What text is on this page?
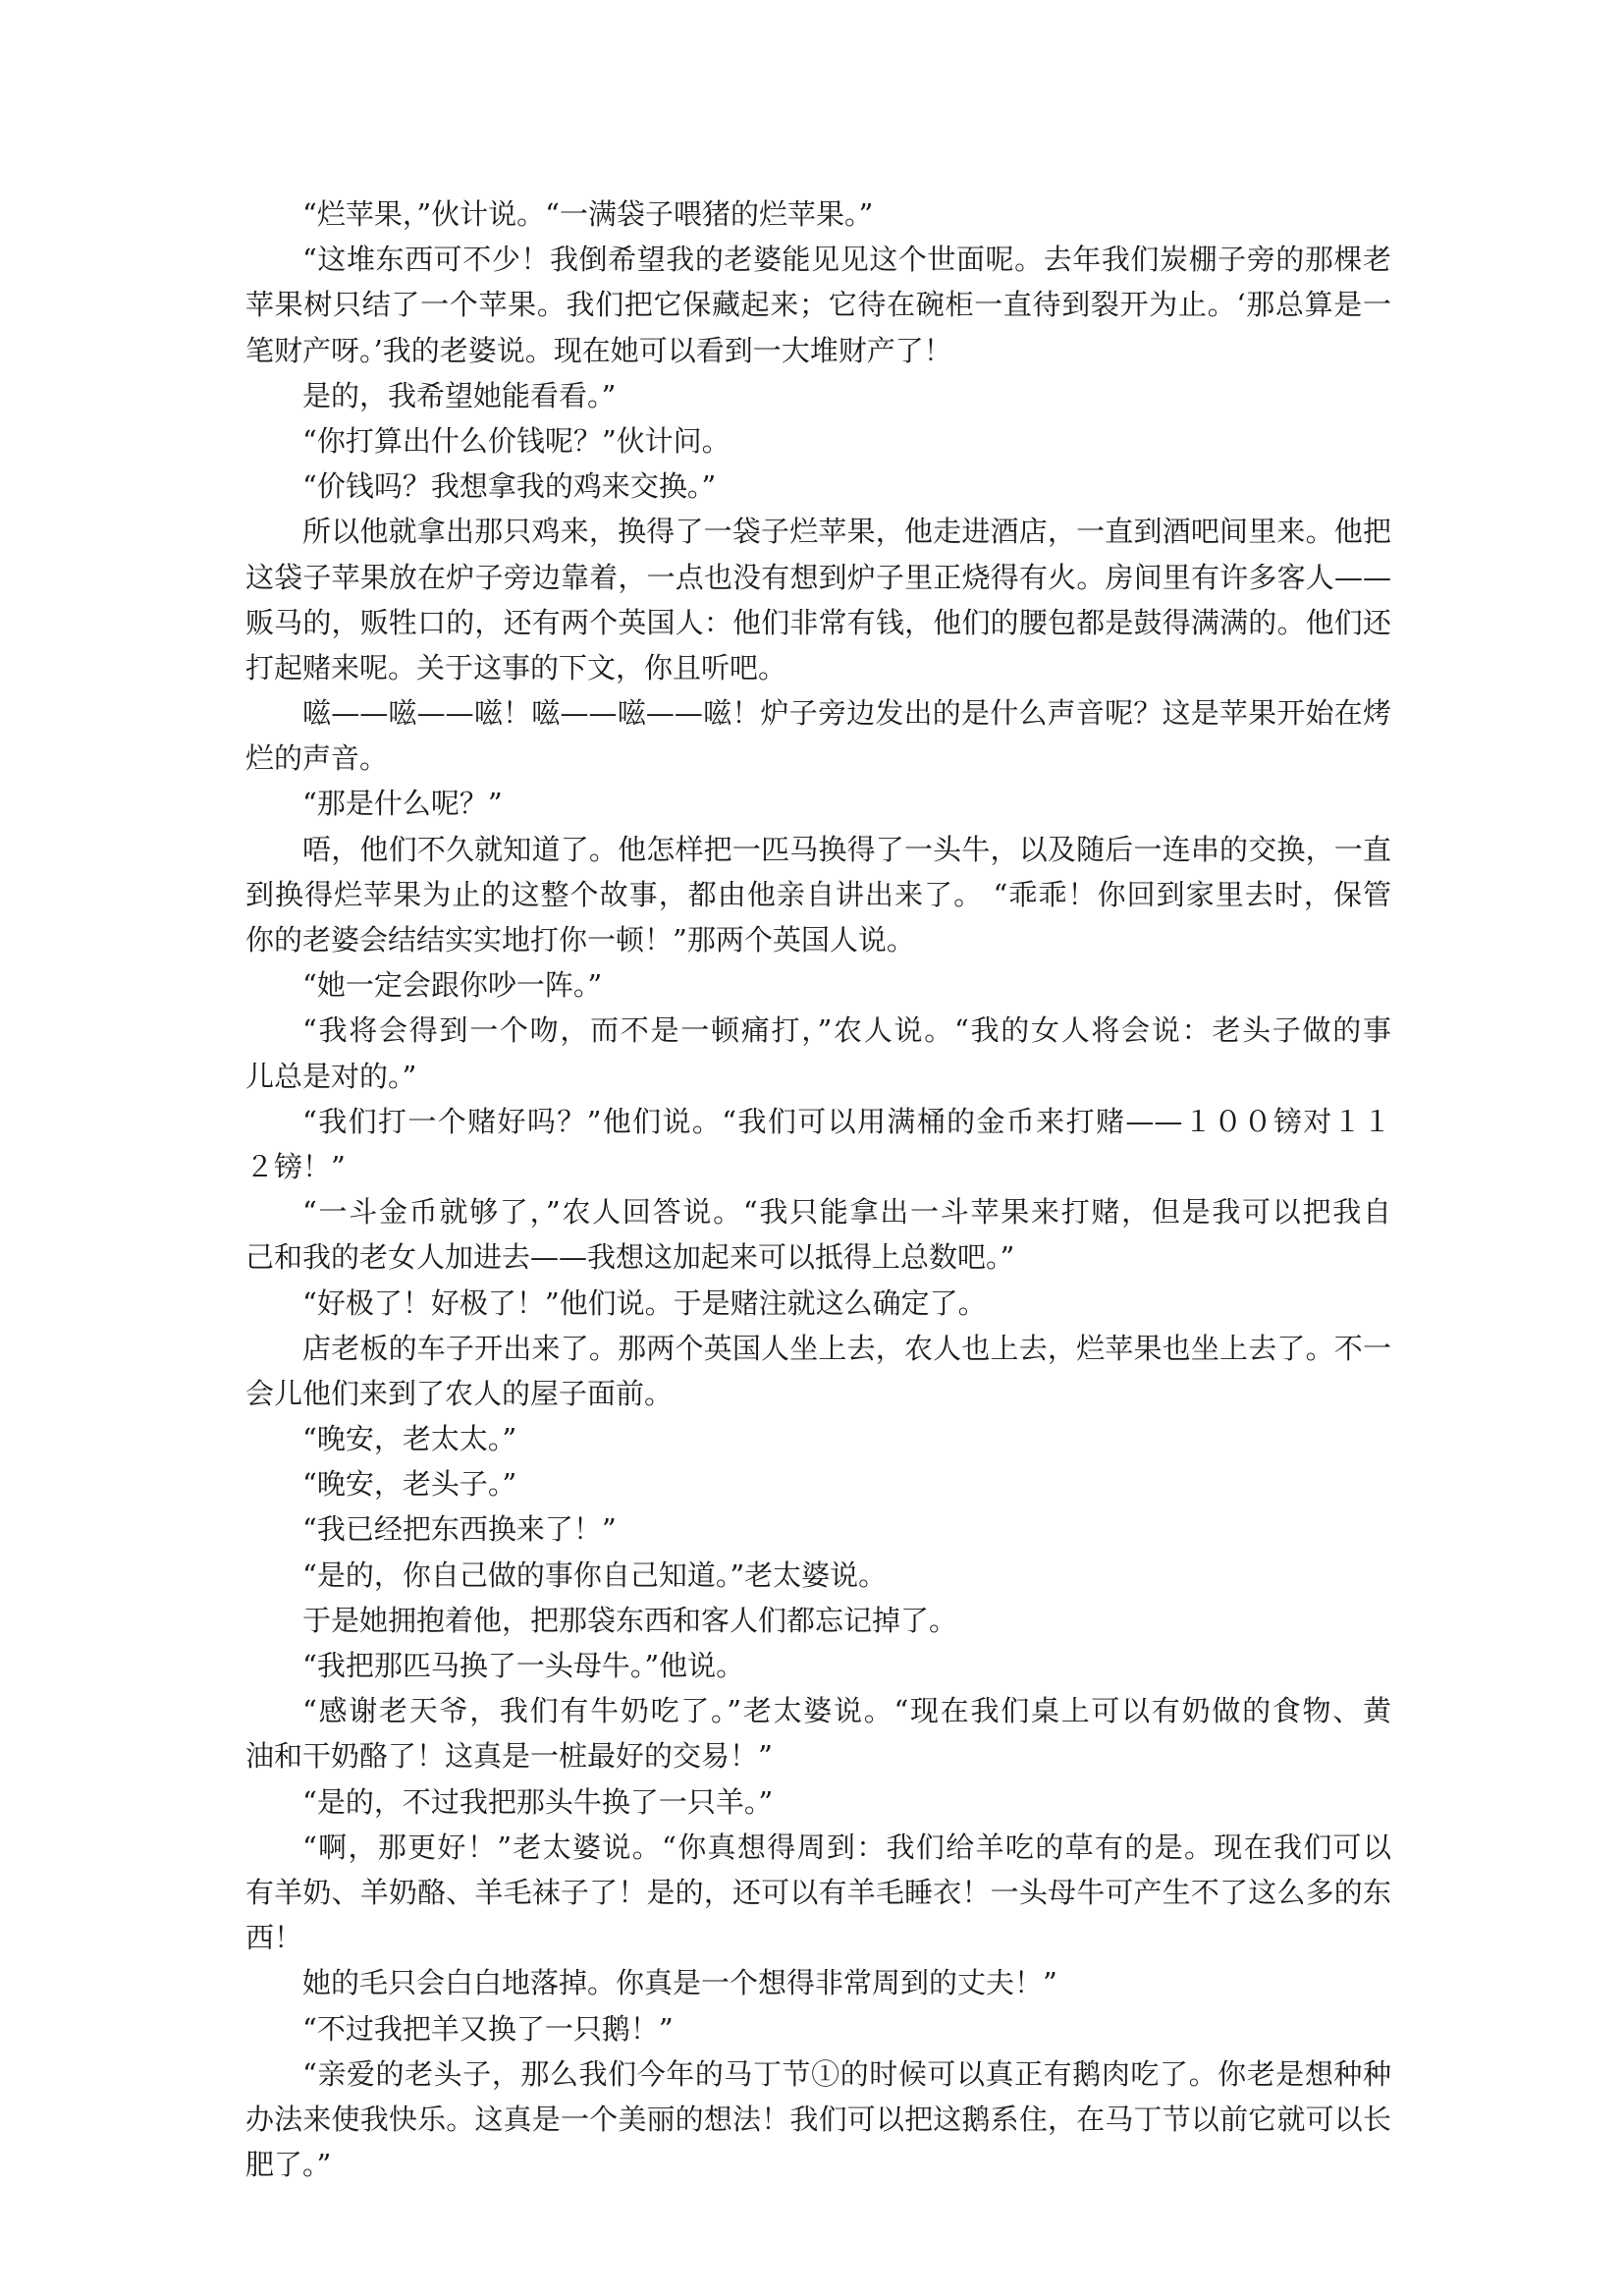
“烂苹果，”伙计说。“一满袋子喂猪的烂苹果。”
“这堆东西可不少！我倒希望我的老婆能见见这个世面呢。去年我们炭棚子旁的那棵老
苹果树只结了一个苹果。我们把它保藏起来；它待在碗柜一直待到裂开为止。‘那总算是一
笔财产呀。’我的老婆说。现在她可以看到一大堆财产了！
是的，我希望她能看看。”
“你打算出什么价钱呢？”伙计问。
“价钱吗？我想拿我的鸡来交换。”
所以他就拿出那只鸡来，换得了一袋子烂苹果，他走进酒店，一直到酒吧间里来。他把
这袋子苹果放在炉子旁边靠着，一点也没有想到炉子里正烧得有火。房间里有许多客人——
贩马的，贩牲口的，还有两个英国人：他们非常有钱，他们的腰包都是鼓得满满的。他们还
打起赌来呢。关于这事的下文，你且听吧。
嗞——嗞——嗞！嗞——嗞——嗞！炉子旁边发出的是什么声音呢？这是苹果开始在烤
烂的声音。
“那是什么呢？”
唔，他们不久就知道了。他怎样把一匹马换得了一头牛，以及随后一连串的交换，一直
到换得烂苹果为止的这整个故事，都由他亲自讲出来了。 “乖乖！你回到家里去时，保管
你的老婆会结结实实地打你一顿！”那两个英国人说。
“她一定会跟你吵一阵。”
“我将会得到一个吻，而不是一顿痛打，”农人说。“我的女人将会说：老头子做的事
儿总是对的。”
“我们打一个赌好吗？”他们说。“我们可以用满桶的金币来打赌——１００镑对１１
２镑！”
“一斗金币就够了，”农人回答说。“我只能拿出一斗苹果来打赌，但是我可以把我自
己和我的老女人加进去——我想这加起来可以抵得上总数吧。”
“好极了！好极了！”他们说。于是赌注就这么确定了。
店老板的车子开出来了。那两个英国人坐上去，农人也上去，烂苹果也坐上去了。不一
会儿他们来到了农人的屋子面前。
“晚安，老太太。”
“晚安，老头子。”
“我已经把东西换来了！”
“是的，你自己做的事你自己知道。”老太婆说。
于是她拥抱着他，把那袋东西和客人们都忘记掉了。
“我把那匹马换了一头母牛。”他说。
“感谢老天爷，我们有牛奶吃了。”老太婆说。“现在我们桌上可以有奶做的食物、黄
油和干奶酪了！这真是一桩最好的交易！”
“是的，不过我把那头牛换了一只羊。”
“啊，那更好！”老太婆说。“你真想得周到：我们给羊吃的草有的是。现在我们可以
有羊奶、羊奶酪、羊毛袜子了！是的，还可以有羊毛睡衣！一头母牛可产生不了这么多的东
西！
她的毛只会白白地落掉。你真是一个想得非常周到的丈夫！”
“不过我把羊又换了一只鹅！”
“亲爱的老头子，那么我们今年的马丁节①的时候可以真正有鹅肉吃了。你老是想种种
办法来使我快乐。这真是一个美丽的想法！我们可以把这鹅系住，在马丁节以前它就可以长
肥了。”
